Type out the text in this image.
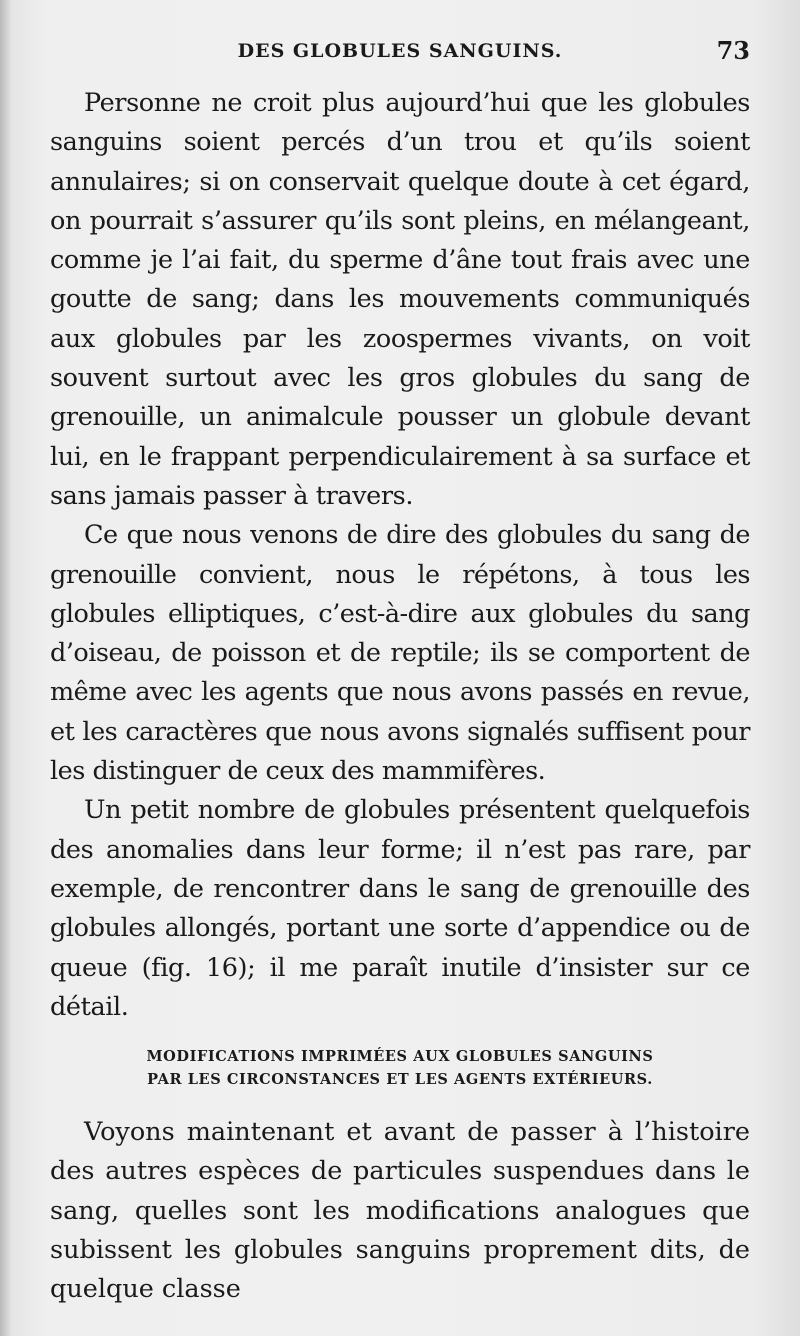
DES GLOBULES SANGUINS.	73

Personne ne croit plus aujourd’hui que les globules sanguins soient percés d’un trou et qu’ils soient annulaires; si on conservait quelque doute à cet égard, on pourrait s’assurer qu’ils sont pleins, en mélangeant, comme je l’ai fait, du sperme d’âne tout frais avec une goutte de sang; dans les mouvements communiqués aux globules par les zoospermes vivants, on voit souvent surtout avec les gros globules du sang de grenouille, un animalcule pousser un globule devant lui, en le frappant perpendiculairement à sa surface et sans jamais passer à travers.

Ce que nous venons de dire des globules du sang de grenouille convient, nous le répétons, à tous les globules elliptiques, c’est-à-dire aux globules du sang d’oiseau, de poisson et de reptile; ils se comportent de même avec les agents que nous avons passés en revue, et les caractères que nous avons signalés suffisent pour les distinguer de ceux des mammifères.

Un petit nombre de globules présentent quelquefois des anomalies dans leur forme; il n’est pas rare, par exemple, de rencontrer dans le sang de grenouille des globules allongés, portant une sorte d’appendice ou de queue (fig. 16); il me paraît inutile d’insister sur ce détail.

MODIFICATIONS IMPRIMÉES AUX GLOBULES SANGUINS
PAR LES CIRCONSTANCES ET LES AGENTS EXTÉRIEURS.

Voyons maintenant et avant de passer à l’histoire des autres espèces de particules suspendues dans le sang, quelles sont les modifications analogues que subissent les globules sanguins proprement dits, de quelque classe
